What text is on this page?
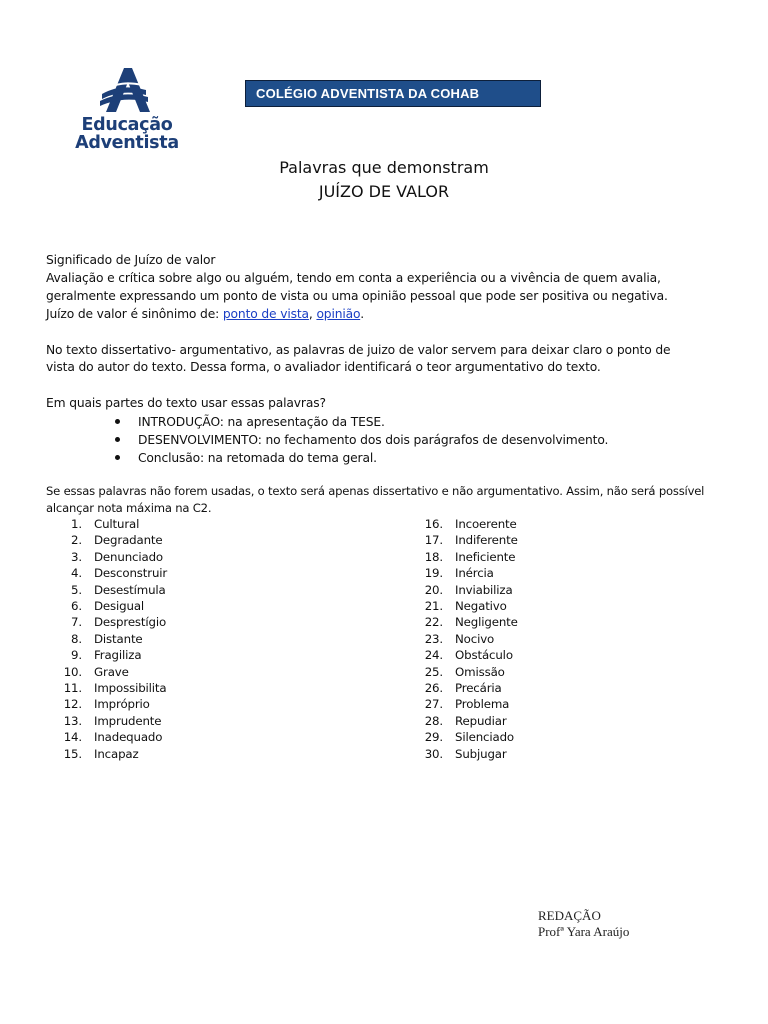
Educação
Adventista
COLÉGIO ADVENTISTA DA COHAB
Palavras que demonstram
JUÍZO DE VALOR
Significado de Juízo de valor
Avaliação e crítica sobre algo ou alguém, tendo em conta a experiência ou a vivência de quem avalia,
geralmente expressando um ponto de vista ou uma opinião pessoal que pode ser positiva ou negativa.
Juízo de valor é sinônimo de: ponto de vista, opinião.
No texto dissertativo- argumentativo, as palavras de juizo de valor servem para deixar claro o ponto de
vista do autor do texto. Dessa forma, o avaliador identificará o teor argumentativo do texto.
Em quais partes do texto usar essas palavras?
INTRODUÇÃO: na apresentação da TESE.
DESENVOLVIMENTO: no fechamento dos dois parágrafos de desenvolvimento.
Conclusão: na retomada do tema geral.
Se essas palavras não forem usadas, o texto será apenas dissertativo e não argumentativo. Assim, não será possível
alcançar nota máxima na C2.
1. Cultural
2. Degradante
3. Denunciado
4. Desconstruir
5. Desestímula
6. Desigual
7. Desprestígio
8. Distante
9. Fragiliza
10. Grave
11. Impossibilita
12. Impróprio
13. Imprudente
14. Inadequado
15. Incapaz
16. Incoerente
17. Indiferente
18. Ineficiente
19. Inércia
20. Inviabiliza
21. Negativo
22. Negligente
23. Nocivo
24. Obstáculo
25. Omissão
26. Precária
27. Problema
28. Repudiar
29. Silenciado
30. Subjugar
REDAÇÃO
Profª Yara Araújo
